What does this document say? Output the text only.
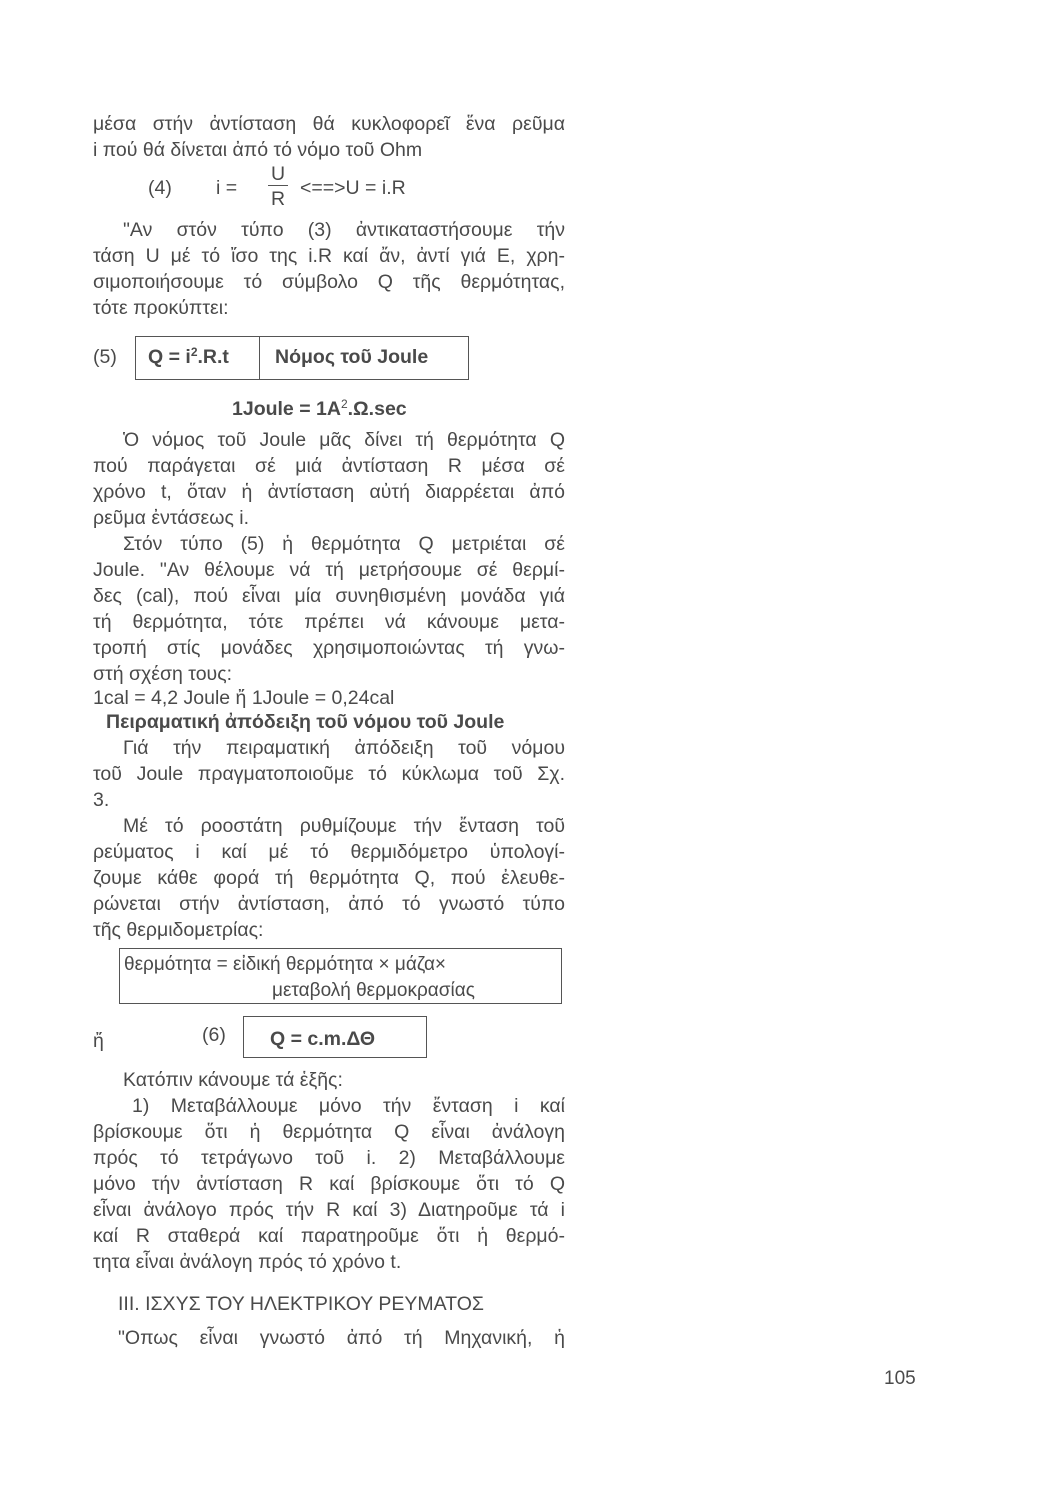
μέσα στήν ἀντίσταση θά κυκλοφορεῖ ἕνα ρεῦμα
i πού θά δίνεται ἀπό τό νόμο τοῦ Ohm
(4) i =
U
R <==>U = i.R
"Αν στόν τύπο (3) ἀντικαταστήσουμε τήν
τάση U μέ τό ἴσο της i.R καί ἄν, ἀντί γιά E, χρη-
σιμοποιήσουμε τό σύμβολο Q τῆς θερμότητας,
τότε προκύπτει:
(5) $Q = i^2.R.t$ Νόμος τοῦ Joule
1Joule = $1A^2.\Omega.\sec$
Ὁ νόμος τοῦ Joule μᾶς δίνει τή θερμότητα Q
πού παράγεται σέ μιά ἀντίσταση R μέσα σέ
χρόνο t, ὅταν ἡ ἀντίσταση αὐτή διαρρέεται ἀπό
ρεῦμα ἐντάσεως i.
Στόν τύπο (5) ἡ θερμότητα Q μετριέται σέ
Joule. "Αν θέλουμε νά τή μετρήσουμε σέ θερμί-
δες (cal), πού εἶναι μία συνηθισμένη μονάδα γιά
τή θερμότητα, τότε πρέπει νά κάνουμε μετα-
τροπή στίς μονάδες χρησιμοποιώντας τή γνω-
στή σχέση τους:
1cal = 4,2 Joule ἤ 1Joule = 0,24cal
Πειραματική ἀπόδειξη τοῦ νόμου τοῦ Joule
Γιά τήν πειραματική ἀπόδειξη τοῦ νόμου
τοῦ Joule πραγματοποιοῦμε τό κύκλωμα τοῦ Σχ.
3.
Μέ τό ροοστάτη ρυθμίζουμε τήν ἔνταση τοῦ
ρεύματος i καί μέ τό θερμιδόμετρο ὑπολογί-
ζουμε κάθε φορά τή θερμότητα Q, πού ἐλευθε-
ρώνεται στήν ἀντίσταση, ἀπό τό γνωστό τύπο
τῆς θερμιδομετρίας:
θερμότητα = εἰδική θερμότητα × μάζα×
μεταβολή θερμοκρασίας
ἤ	(6) Q = c.m.ΔΘ
Κατόπιν κάνουμε τά ἑξῆς:
1) Μεταβάλλουμε μόνο τήν ἔνταση i καί
βρίσκουμε ὅτι ἡ θερμότητα Q εἶναι ἀνάλογη
πρός τό τετράγωνο τοῦ i. 2) Μεταβάλλουμε
μόνο τήν ἀντίσταση R καί βρίσκουμε ὅτι τό Q
εἶναι ἀνάλογο πρός τήν R καί 3) Διατηροῦμε τά i
καί R σταθερά καί παρατηροῦμε ὅτι ἡ θερμό-
τητα εἶναι ἀνάλογη πρός τό χρόνο t.
III. ΙΣΧΥΣ ΤΟΥ ΗΛΕΚΤΡΙΚΟΥ ΡΕΥΜΑΤΟΣ
"Οπως εἶναι γνωστό ἀπό τή Μηχανική, ἡ
105
